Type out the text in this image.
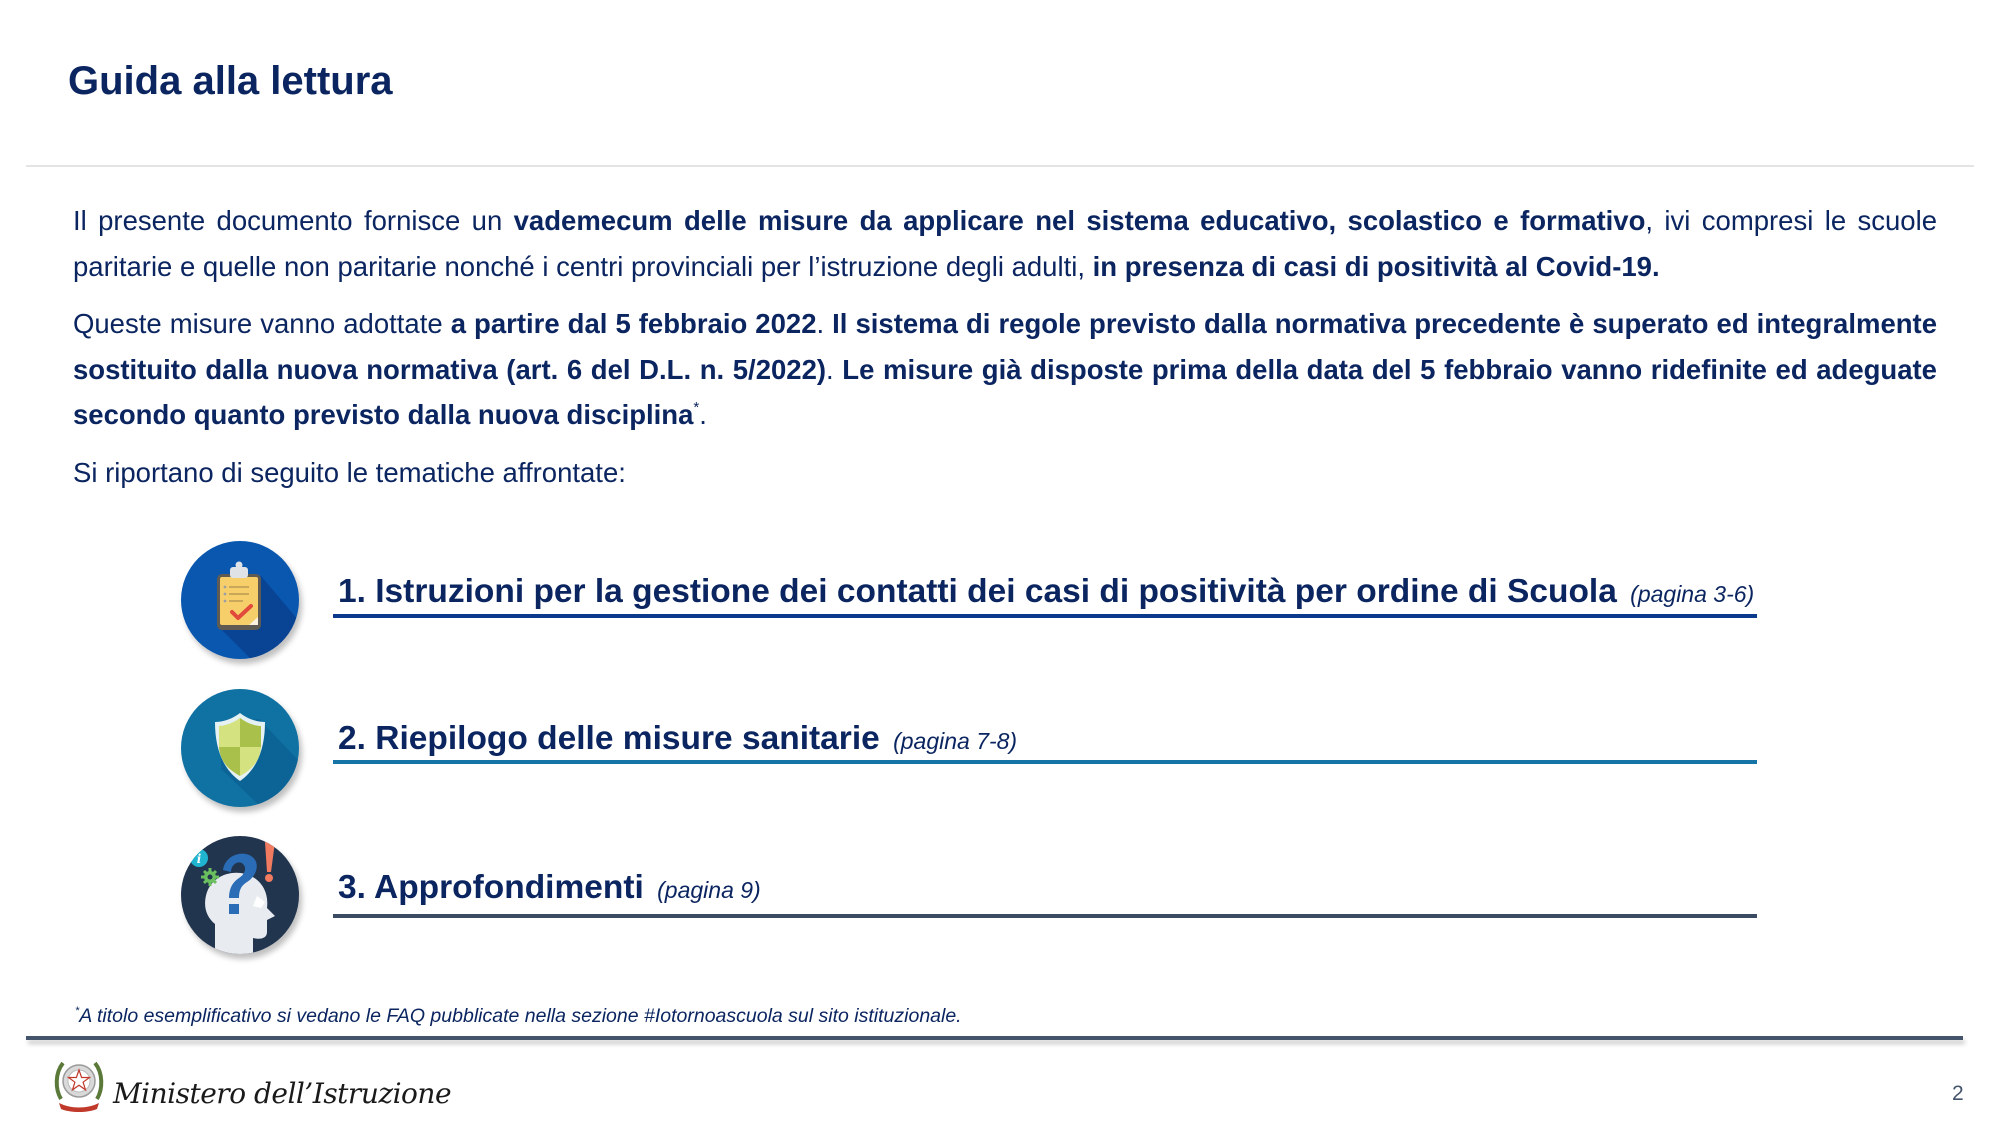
Guida alla lettura

Il presente documento fornisce un vademecum delle misure da applicare nel sistema educativo, scolastico e formativo, ivi compresi le scuole paritarie e quelle non paritarie nonché i centri provinciali per l’istruzione degli adulti, in presenza di casi di positività al Covid-19.

Queste misure vanno adottate a partire dal 5 febbraio 2022. Il sistema di regole previsto dalla normativa precedente è superato ed integralmente sostituito dalla nuova normativa (art. 6 del D.L. n. 5/2022). Le misure già disposte prima della data del 5 febbraio vanno ridefinite ed adeguate secondo quanto previsto dalla nuova disciplina*.

Si riportano di seguito le tematiche affrontate:

1. Istruzioni per la gestione dei contatti dei casi di positività per ordine di Scuola (pagina 3-6)
2. Riepilogo delle misure sanitarie (pagina 7-8)
i
3. Approfondimenti (pagina 9)
*A titolo esemplificativo si vedano le FAQ pubblicate nella sezione #Iotornoascuola sul sito istituzionale.
Ministero dell’Istruzione	2
